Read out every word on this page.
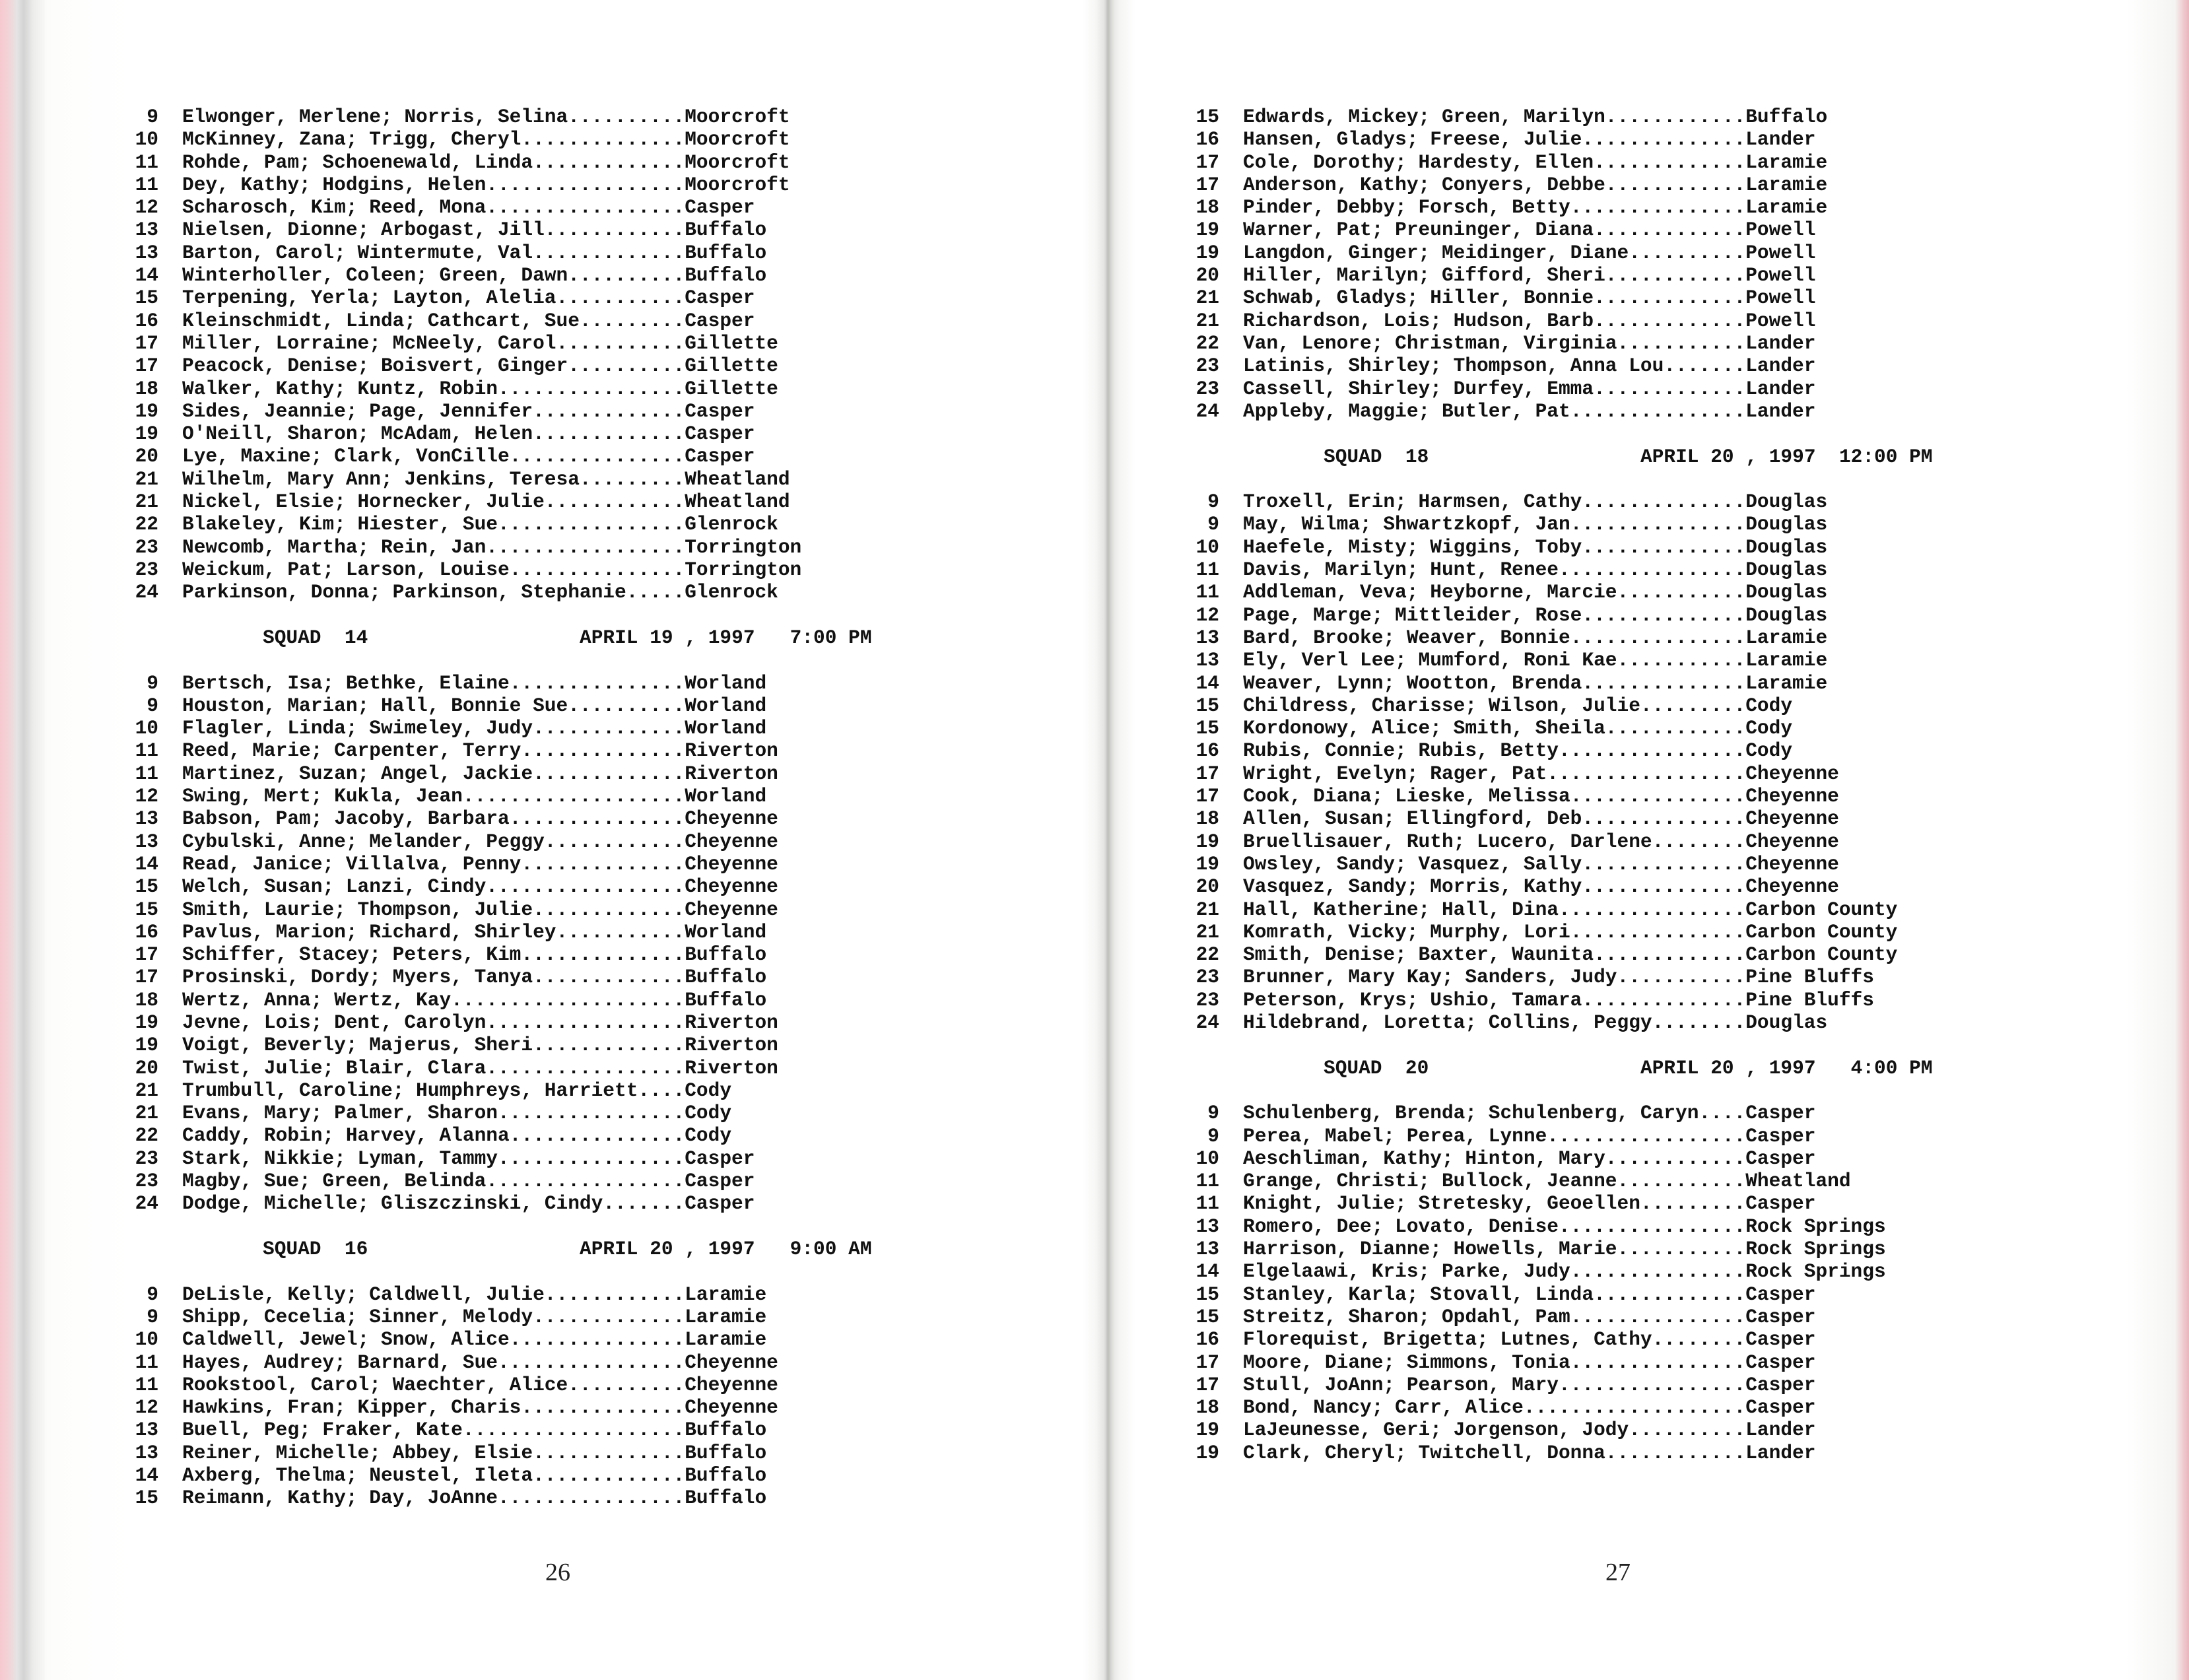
9 Elwonger, Merlene; Norris, Selina .......... Moorcroft
10 McKinney, Zana; Trigg, Cheryl .............. Moorcroft
11 Rohde, Pam; Schoenewald, Linda ............. Moorcroft
11 Dey, Kathy; Hodgins, Helen ................. Moorcroft
12 Scharosch, Kim; Reed, Mona ................. Casper
13 Nielsen, Dionne; Arbogast, Jill ............ Buffalo
13 Barton, Carol; Wintermute, Val ............. Buffalo
14 Winterholler, Coleen; Green, Dawn .......... Buffalo
15 Terpening, Yerla; Layton, Alelia ........... Casper
16 Kleinschmidt, Linda; Cathcart, Sue ......... Casper
17 Miller, Lorraine; McNeely, Carol ........... Gillette
17 Peacock, Denise; Boisvert, Ginger .......... Gillette
18 Walker, Kathy; Kuntz, Robin ................ Gillette
19 Sides, Jeannie; Page, Jennifer ............. Casper
19 O'Neill, Sharon; McAdam, Helen ............. Casper
20 Lye, Maxine; Clark, VonCille ............... Casper
21 Wilhelm, Mary Ann; Jenkins, Teresa ......... Wheatland
21 Nickel, Elsie; Hornecker, Julie ............ Wheatland
22 Blakeley, Kim; Hiester, Sue ................ Glenrock
23 Newcomb, Martha; Rein, Jan ................. Torrington
23 Weickum, Pat; Larson, Louise ............... Torrington
24 Parkinson, Donna; Parkinson, Stephanie ..... Glenrock
SQUAD  14	APRIL 19 , 1997   7:00 PM
9 Bertsch, Isa; Bethke, Elaine ............... Worland
9 Houston, Marian; Hall, Bonnie Sue .......... Worland
10 Flagler, Linda; Swimeley, Judy ............. Worland
11 Reed, Marie; Carpenter, Terry .............. Riverton
11 Martinez, Suzan; Angel, Jackie ............. Riverton
12 Swing, Mert; Kukla, Jean ................... Worland
13 Babson, Pam; Jacoby, Barbara ............... Cheyenne
13 Cybulski, Anne; Melander, Peggy ............ Cheyenne
14 Read, Janice; Villalva, Penny .............. Cheyenne
15 Welch, Susan; Lanzi, Cindy ................. Cheyenne
15 Smith, Laurie; Thompson, Julie ............. Cheyenne
16 Pavlus, Marion; Richard, Shirley ........... Worland
17 Schiffer, Stacey; Peters, Kim .............. Buffalo
17 Prosinski, Dordy; Myers, Tanya ............. Buffalo
18 Wertz, Anna; Wertz, Kay .................... Buffalo
19 Jevne, Lois; Dent, Carolyn ................. Riverton
19 Voigt, Beverly; Majerus, Sheri ............. Riverton
20 Twist, Julie; Blair, Clara ................. Riverton
21 Trumbull, Caroline; Humphreys, Harriett .... Cody
21 Evans, Mary; Palmer, Sharon ................ Cody
22 Caddy, Robin; Harvey, Alanna ............... Cody
23 Stark, Nikkie; Lyman, Tammy ................ Casper
23 Magby, Sue; Green, Belinda ................. Casper
24 Dodge, Michelle; Gliszczinski, Cindy ....... Casper
SQUAD  16	APRIL 20 , 1997   9:00 AM
9 DeLisle, Kelly; Caldwell, Julie ............ Laramie
9 Shipp, Cecelia; Sinner, Melody ............. Laramie
10 Caldwell, Jewel; Snow, Alice ............... Laramie
11 Hayes, Audrey; Barnard, Sue ................ Cheyenne
11 Rookstool, Carol; Waechter, Alice .......... Cheyenne
12 Hawkins, Fran; Kipper, Charis .............. Cheyenne
13 Buell, Peg; Fraker, Kate ................... Buffalo
13 Reiner, Michelle; Abbey, Elsie ............. Buffalo
14 Axberg, Thelma; Neustel, Ileta ............. Buffalo
15 Reimann, Kathy; Day, JoAnne ................ Buffalo
15 Edwards, Mickey; Green, Marilyn ............ Buffalo
16 Hansen, Gladys; Freese, Julie .............. Lander
17 Cole, Dorothy; Hardesty, Ellen ............. Laramie
17 Anderson, Kathy; Conyers, Debbe ............ Laramie
18 Pinder, Debby; Forsch, Betty ............... Laramie
19 Warner, Pat; Preuninger, Diana ............. Powell
19 Langdon, Ginger; Meidinger, Diane .......... Powell
20 Hiller, Marilyn; Gifford, Sheri ............ Powell
21 Schwab, Gladys; Hiller, Bonnie ............. Powell
21 Richardson, Lois; Hudson, Barb ............. Powell
22 Van, Lenore; Christman, Virginia ........... Lander
23 Latinis, Shirley; Thompson, Anna Lou ....... Lander
23 Cassell, Shirley; Durfey, Emma ............. Lander
24 Appleby, Maggie; Butler, Pat ............... Lander
SQUAD  18	APRIL 20 , 1997  12:00 PM
9 Troxell, Erin; Harmsen, Cathy .............. Douglas
9 May, Wilma; Shwartzkopf, Jan ............... Douglas
10 Haefele, Misty; Wiggins, Toby .............. Douglas
11 Davis, Marilyn; Hunt, Renee ................ Douglas
11 Addleman, Veva; Heyborne, Marcie ........... Douglas
12 Page, Marge; Mittleider, Rose .............. Douglas
13 Bard, Brooke; Weaver, Bonnie ............... Laramie
13 Ely, Verl Lee; Mumford, Roni Kae ........... Laramie
14 Weaver, Lynn; Wootton, Brenda .............. Laramie
15 Childress, Charisse; Wilson, Julie ......... Cody
15 Kordonowy, Alice; Smith, Sheila ............ Cody
16 Rubis, Connie; Rubis, Betty ................ Cody
17 Wright, Evelyn; Rager, Pat ................. Cheyenne
17 Cook, Diana; Lieske, Melissa ............... Cheyenne
18 Allen, Susan; Ellingford, Deb .............. Cheyenne
19 Bruellisauer, Ruth; Lucero, Darlene ........ Cheyenne
19 Owsley, Sandy; Vasquez, Sally .............. Cheyenne
20 Vasquez, Sandy; Morris, Kathy .............. Cheyenne
21 Hall, Katherine; Hall, Dina ................ Carbon County
21 Komrath, Vicky; Murphy, Lori ............... Carbon County
22 Smith, Denise; Baxter, Waunita ............. Carbon County
23 Brunner, Mary Kay; Sanders, Judy ........... Pine Bluffs
23 Peterson, Krys; Ushio, Tamara .............. Pine Bluffs
24 Hildebrand, Loretta; Collins, Peggy ........ Douglas
SQUAD  20	APRIL 20 , 1997   4:00 PM
9 Schulenberg, Brenda; Schulenberg, Caryn .... Casper
9 Perea, Mabel; Perea, Lynne ................. Casper
10 Aeschliman, Kathy; Hinton, Mary ............ Casper
11 Grange, Christi; Bullock, Jeanne ........... Wheatland
11 Knight, Julie; Stretesky, Geoellen ......... Casper
13 Romero, Dee; Lovato, Denise ................ Rock Springs
13 Harrison, Dianne; Howells, Marie ........... Rock Springs
14 Elgelaawi, Kris; Parke, Judy ............... Rock Springs
15 Stanley, Karla; Stovall, Linda ............. Casper
15 Streitz, Sharon; Opdahl, Pam ............... Casper
16 Florequist, Brigetta; Lutnes, Cathy ........ Casper
17 Moore, Diane; Simmons, Tonia ............... Casper
17 Stull, JoAnn; Pearson, Mary ................ Casper
18 Bond, Nancy; Carr, Alice ................... Casper
19 LaJeunesse, Geri; Jorgenson, Jody .......... Lander
19 Clark, Cheryl; Twitchell, Donna ............ Lander
26	27
